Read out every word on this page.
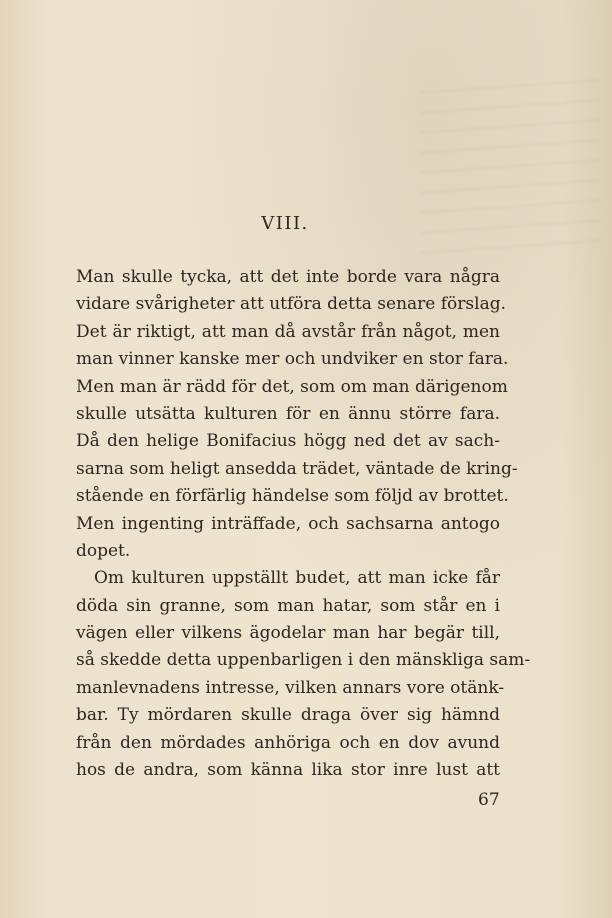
VIII.
Man skulle tycka, att det inte borde vara några
vidare svårigheter att utföra detta senare förslag.
Det är riktigt, att man då avstår från något, men
man vinner kanske mer och undviker en stor fara.
Men man är rädd för det, som om man därigenom
skulle utsätta kulturen för en ännu större fara.
Då den helige Bonifacius högg ned det av sach-
sarna som heligt ansedda trädet, väntade de kring-
stående en förfärlig händelse som följd av brottet.
Men ingenting inträffade, och sachsarna antogo
dopet.
Om kulturen uppställt budet, att man icke får
döda sin granne, som man hatar, som står en i
vägen eller vilkens ägodelar man har begär till,
så skedde detta uppenbarligen i den mänskliga sam-
manlevnadens intresse, vilken annars vore otänk-
bar. Ty mördaren skulle draga över sig hämnd
från den mördades anhöriga och en dov avund
hos de andra, som känna lika stor inre lust att
67
